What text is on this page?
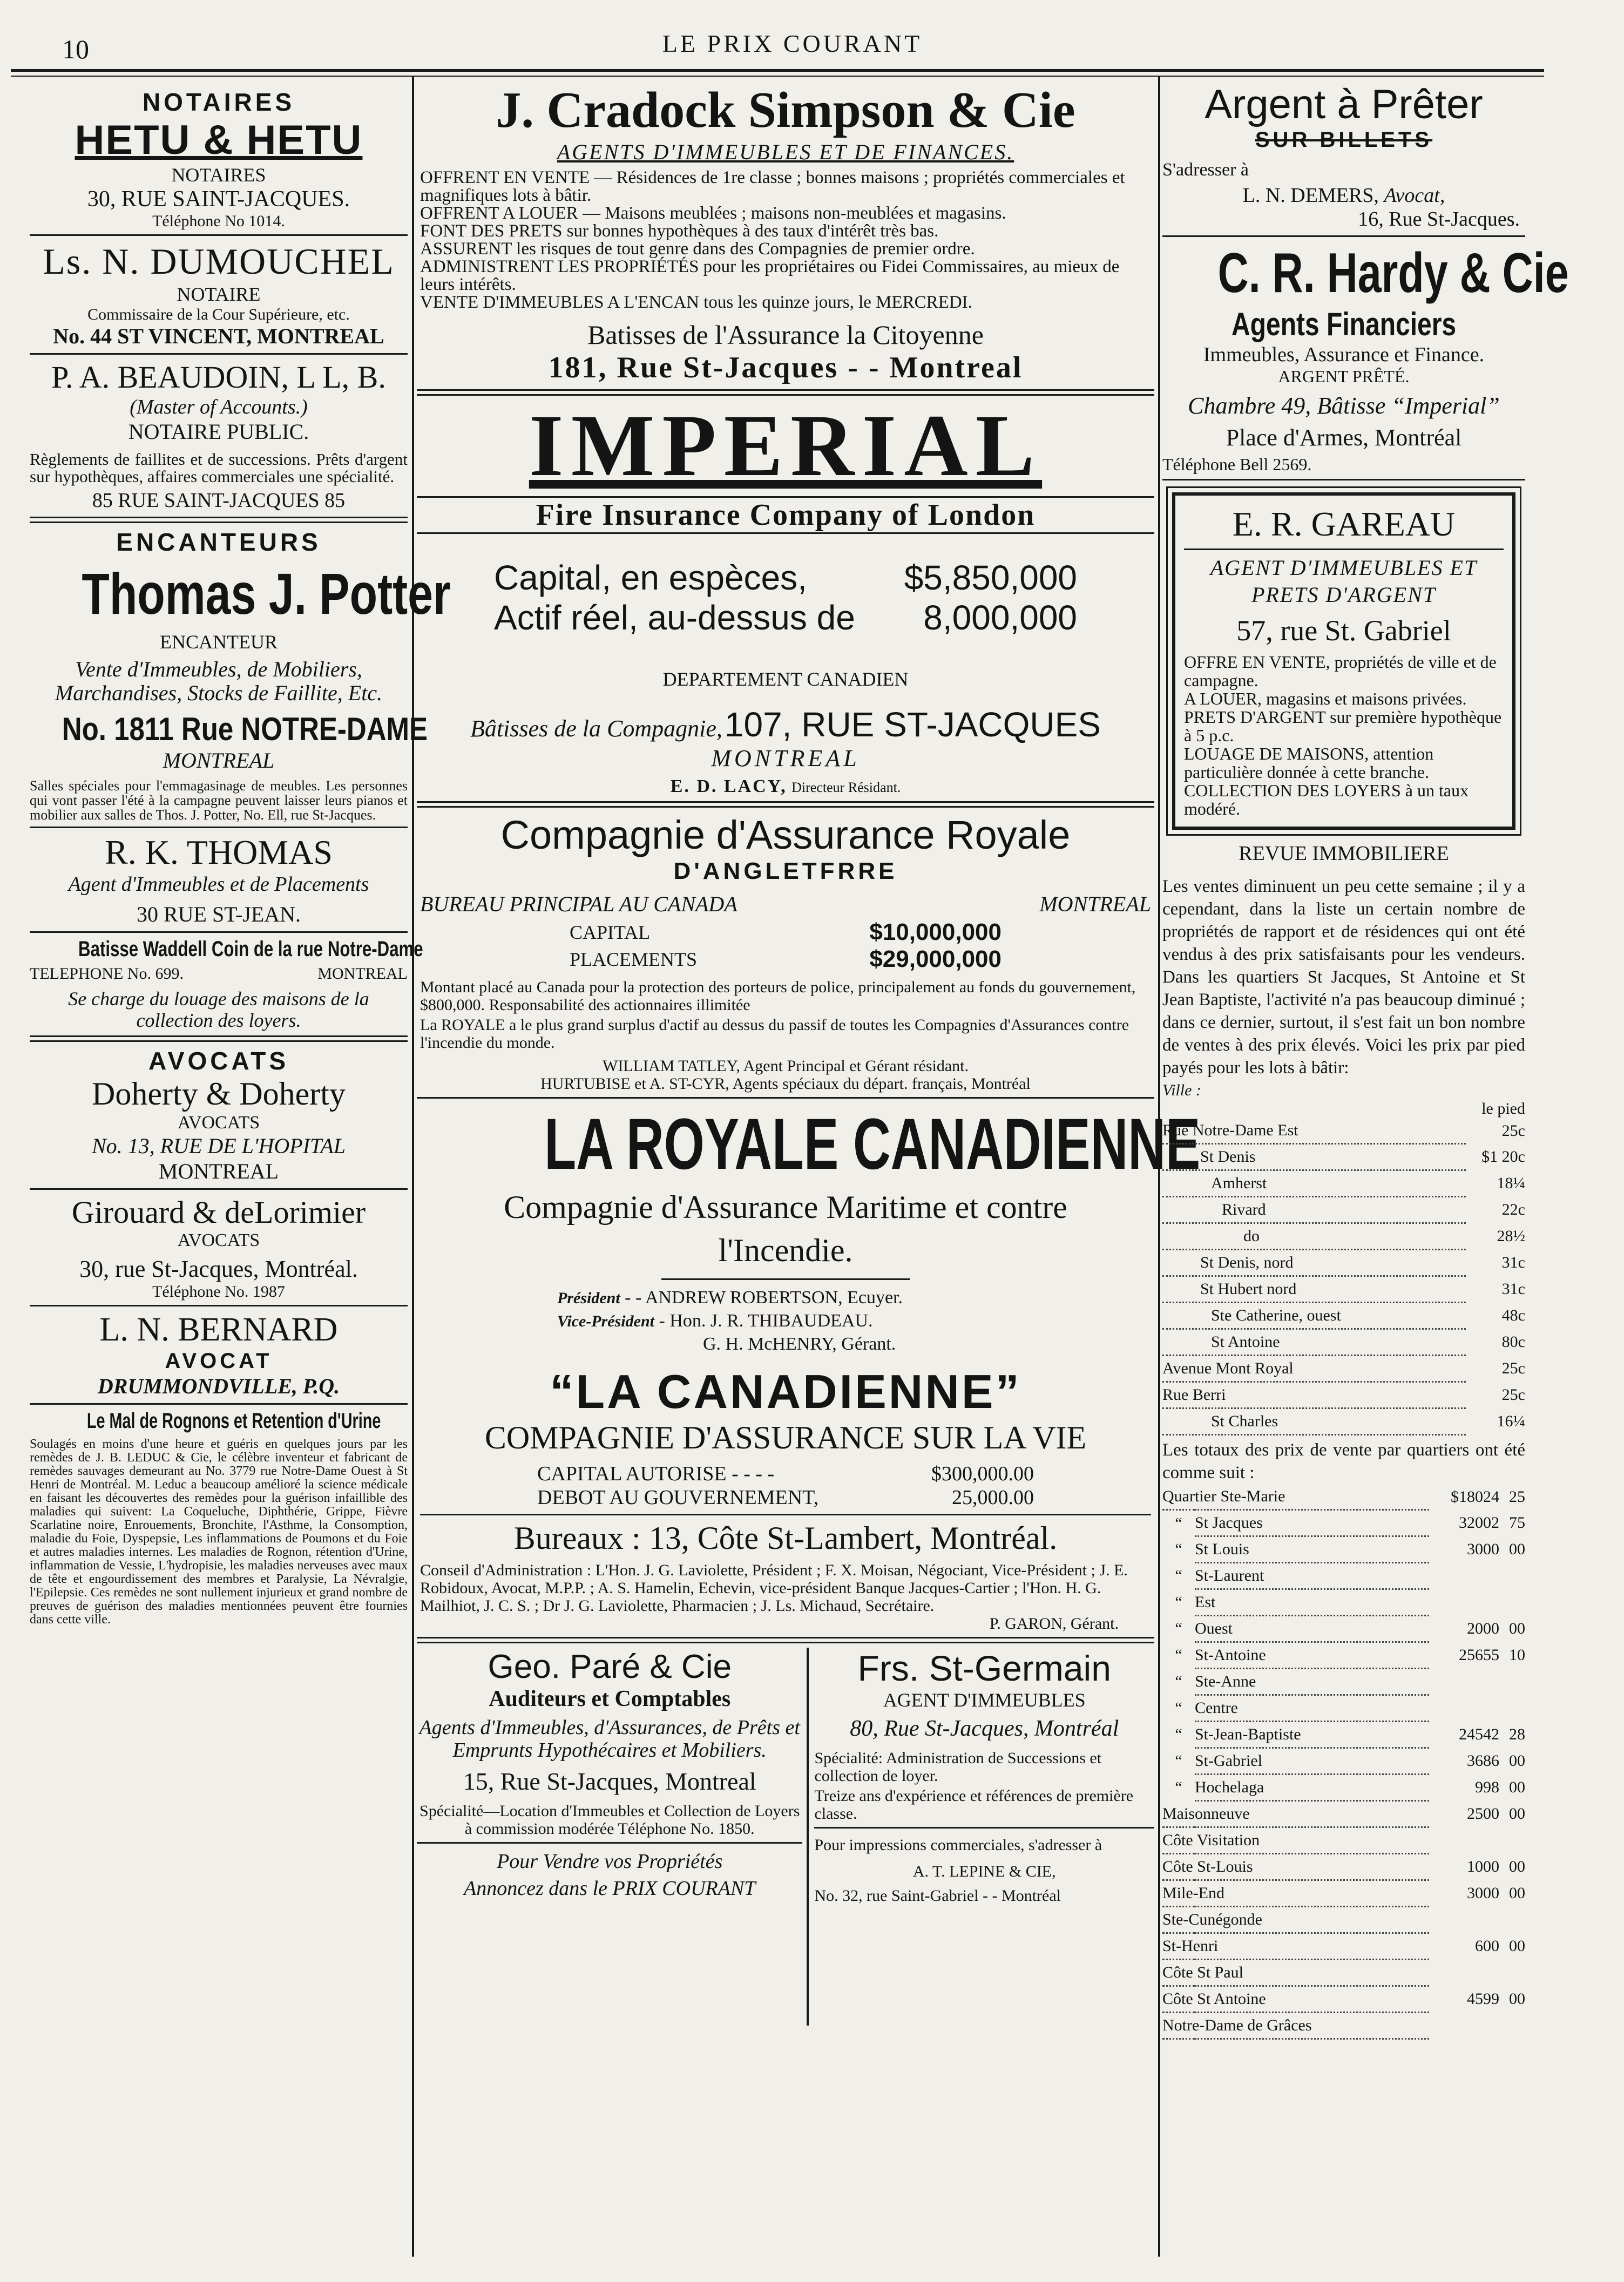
10	LE PRIX COURANT
NOTAIRES
HETU & HETU
NOTAIRES
30, RUE SAINT-JACQUES.
Téléphone No 1014.
Ls. N. DUMOUCHEL
NOTAIRE
Commissaire de la Cour Supérieure, etc.
No. 44 ST VINCENT, MONTREAL
P. A. BEAUDOIN, L L, B.
(Master of Accounts.)
NOTAIRE PUBLIC.
Règlements de faillites et de successions. Prêts d'argent sur hypothèques, affaires commerciales une spécialité.
85 RUE SAINT-JACQUES 85
ENCANTEURS
Thomas J. Potter
ENCANTEUR
Vente d'Immeubles, de Mobiliers, Marchandises, Stocks de Faillite, Etc.
No. 1811 Rue NOTRE-DAME
MONTREAL
Salles spéciales pour l'emmagasinage de meubles. Les personnes qui vont passer l'été à la campagne peuvent laisser leurs pianos et mobilier aux salles de Thos. J. Potter, No. Ell, rue St-Jacques.
R. K. THOMAS
Agent d'Immeubles et de Placements
30 RUE ST-JEAN.
Batisse Waddell Coin de la rue Notre-Dame
TELEPHONE No. 699.	MONTREAL
Se charge du louage des maisons de la collection des loyers.
AVOCATS
Doherty & Doherty
AVOCATS
No. 13, RUE DE L'HOPITAL
MONTREAL
Girouard & deLorimier
AVOCATS
30, rue St-Jacques, Montréal.
Téléphone No. 1987
L. N. BERNARD
AVOCAT
DRUMMONDVILLE, P.Q.
Le Mal de Rognons et Retention d'Urine
Soulagés en moins d'une heure et guéris en quelques jours par les remèdes de J. B. LEDUC & Cie, le célèbre inventeur et fabricant de remèdes sauvages demeurant au No. 3779 rue Notre-Dame Ouest à St Henri de Montréal. M. Leduc a beaucoup amélioré la science médicale en faisant les découvertes des remèdes pour la guérison infaillible des maladies qui suivent: La Coqueluche, Diphthérie, Grippe, Fièvre Scarlatine noire, Enrouements, Bronchite, l'Asthme, la Consomption, maladie du Foie, Dyspepsie, Les inflammations de Poumons et du Foie et autres maladies internes. Les maladies de Rognon, rétention d'Urine, inflammation de Vessie, L'hydropisie, les maladies nerveuses avec maux de tête et engourdissement des membres et Paralysie, La Névralgie, l'Epilepsie. Ces remèdes ne sont nullement injurieux et grand nombre de preuves de guérison des maladies mentionnées peuvent être fournies dans cette ville.
J. Cradock Simpson & Cie
AGENTS D'IMMEUBLES ET DE FINANCES.
OFFRENT EN VENTE — Résidences de 1re classe ; bonnes maisons ; propriétés commerciales et magnifiques lots à bâtir.
OFFRENT A LOUER — Maisons meublées ; maisons non-meublées et magasins.
FONT DES PRETS sur bonnes hypothèques à des taux d'intérêt très bas.
ASSURENT les risques de tout genre dans des Compagnies de premier ordre.
ADMINISTRENT LES PROPRIÉTÉS pour les propriétaires ou Fidei Commissaires, au mieux de leurs intérêts.
VENTE D'IMMEUBLES A L'ENCAN tous les quinze jours, le MERCREDI.
Batisses de l'Assurance la Citoyenne
181, Rue St-Jacques - - Montreal
IMPERIAL
Fire Insurance Company of London
Capital, en espèces,	$5,850,000
Actif réel, au-dessus de 8,000,000
DEPARTEMENT CANADIEN
Bâtisses de la Compagnie, 107, RUE ST-JACQUES
MONTREAL
E. D. LACY, Directeur Résidant.
Compagnie d'Assurance Royale
D'ANGLETFRRE
BUREAU PRINCIPAL AU CANADA	MONTREAL
CAPITAL	$10,000,000
PLACEMENTS	$29,000,000
Montant placé au Canada pour la protection des porteurs de police, principalement au fonds du gouvernement, $800,000. Responsabilité des actionnaires illimitée
La ROYALE a le plus grand surplus d'actif au dessus du passif de toutes les Compagnies d'Assurances contre l'incendie du monde.
WILLIAM TATLEY, Agent Principal et Gérant résidant.
HURTUBISE et A. ST-CYR, Agents spéciaux du départ. français, Montréal
LA ROYALE CANADIENNE
Compagnie d'Assurance Maritime et contre l'Incendie.
Président - - ANDREW ROBERTSON, Ecuyer.
Vice-Président - Hon. J. R. THIBAUDEAU.
G. H. McHENRY, Gérant.
“LA CANADIENNE”
COMPAGNIE D'ASSURANCE SUR LA VIE
CAPITAL AUTORISE - - - -	$300,000.00
DEBOT AU GOUVERNEMENT,	25,000.00
Bureaux : 13, Côte St-Lambert, Montréal.
Conseil d'Administration : L'Hon. J. G. Laviolette, Président ; F. X. Moisan, Négociant, Vice-Président ; J. E. Robidoux, Avocat, M.P.P. ; A. S. Hamelin, Echevin, vice-président Banque Jacques-Cartier ; l'Hon. H. G. Mailhiot, J. C. S. ; Dr J. G. Laviolette, Pharmacien ; J. Ls. Michaud, Secrétaire.
P. GARON, Gérant.
Geo. Paré & Cie
Auditeurs et Comptables
Agents d'Immeubles, d'Assurances, de Prêts et Emprunts Hypothécaires et Mobiliers.
15, Rue St-Jacques, Montreal
Spécialité—Location d'Immeubles et Collection de Loyers à commission modérée Téléphone No. 1850.
Pour Vendre vos Propriétés
Annoncez dans le PRIX COURANT
Frs. St-Germain
AGENT D'IMMEUBLES
80, Rue St-Jacques, Montréal
Spécialité: Administration de Successions et collection de loyer.
Treize ans d'expérience et références de première classe.
Pour impressions commerciales, s'adresser à
A. T. LEPINE & CIE,
No. 32, rue Saint-Gabriel - - Montréal
Argent à Prêter
SUR BILLETS
S'adresser à
L. N. DEMERS, Avocat,
16, Rue St-Jacques.
C. R. Hardy & Cie
Agents Financiers
Immeubles, Assurance et Finance.
ARGENT PRÊTÉ.
Chambre 49, Bâtisse “Imperial”
Place d'Armes, Montréal
Téléphone Bell 2569.
E. R. GAREAU
AGENT D'IMMEUBLES ET PRETS D'ARGENT
57, rue St. Gabriel
OFFRE EN VENTE, propriétés de ville et de campagne.
A LOUER, magasins et maisons privées.
PRETS D'ARGENT sur première hypothèque à 5 p.c.
LOUAGE DE MAISONS, attention particulière donnée à cette branche.
COLLECTION DES LOYERS à un taux modéré.
REVUE IMMOBILIERE
Les ventes diminuent un peu cette semaine ; il y a cependant, dans la liste un certain nombre de propriétés de rapport et de résidences qui ont été vendus à des prix satisfaisants pour les vendeurs. Dans les quartiers St Jacques, St Antoine et St Jean Baptiste, l'activité n'a pas beaucoup diminué ; dans ce dernier, surtout, il s'est fait un bon nombre de ventes à des prix élevés. Voici les prix par pied payés pour les lots à bâtir:
Ville :
le pied
Rue Notre-Dame Est	25c
St Denis	$1 20c
Amherst	18¼
Rivard	22c
do	28½
St Denis, nord	31c
St Hubert nord	31c
Ste Catherine, ouest	48c
St Antoine	80c
Avenue Mont Royal	25c
Rue Berri	25c
St Charles	16¼
Les totaux des prix de vente par quartiers ont été comme suit :
Quartier Ste-Marie		$18024	25
“	St Jacques	32002	75
“	St Louis	3000	00
“	St-Laurent		
“	Est		
“	Ouest	2000	00
“	St-Antoine	25655	10
“	Ste-Anne		
“	Centre		
“	St-Jean-Baptiste	24542	28
“	St-Gabriel	3686	00
“	Hochelaga	998	00
Maisonneuve		2500	00
Côte Visitation			
Côte St-Louis		1000	00
Mile-End		3000	00
Ste-Cunégonde			
St-Henri		600	00
Côte St Paul			
Côte St Antoine		4599	00
Notre-Dame de Grâces			
